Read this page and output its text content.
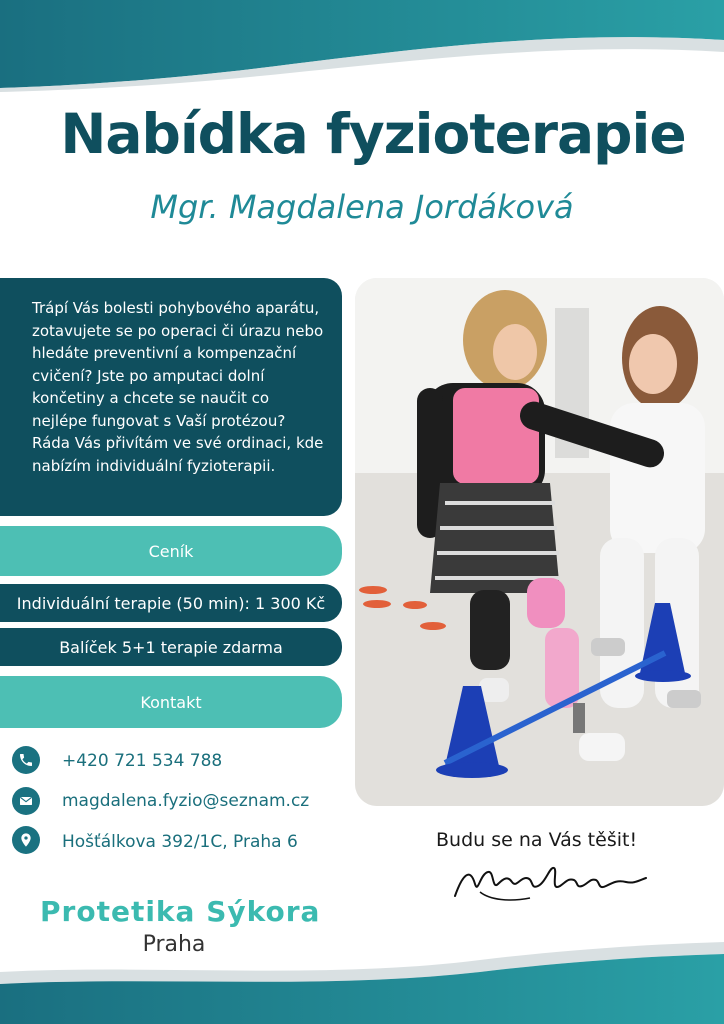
Nabídka fyzioterapie
Mgr. Magdalena Jordáková
Trápí Vás bolesti pohybového aparátu, zotavujete se po operaci či úrazu nebo hledáte preventivní a kompenzační cvičení? Jste po amputaci dolní končetiny a chcete se naučit co nejlépe fungovat s Vaší protézou? Ráda Vás přivítám ve své ordinaci, kde nabízím individuální fyzioterapii.
Ceník
Individuální terapie (50 min): 1 300 Kč
Balíček 5+1 terapie zdarma
Kontakt
+420 721 534 788
magdalena.fyzio@seznam.cz
Hošťálkova 392/1C, Praha 6
Protetika Sýkora
Praha
Budu se na Vás těšit!
